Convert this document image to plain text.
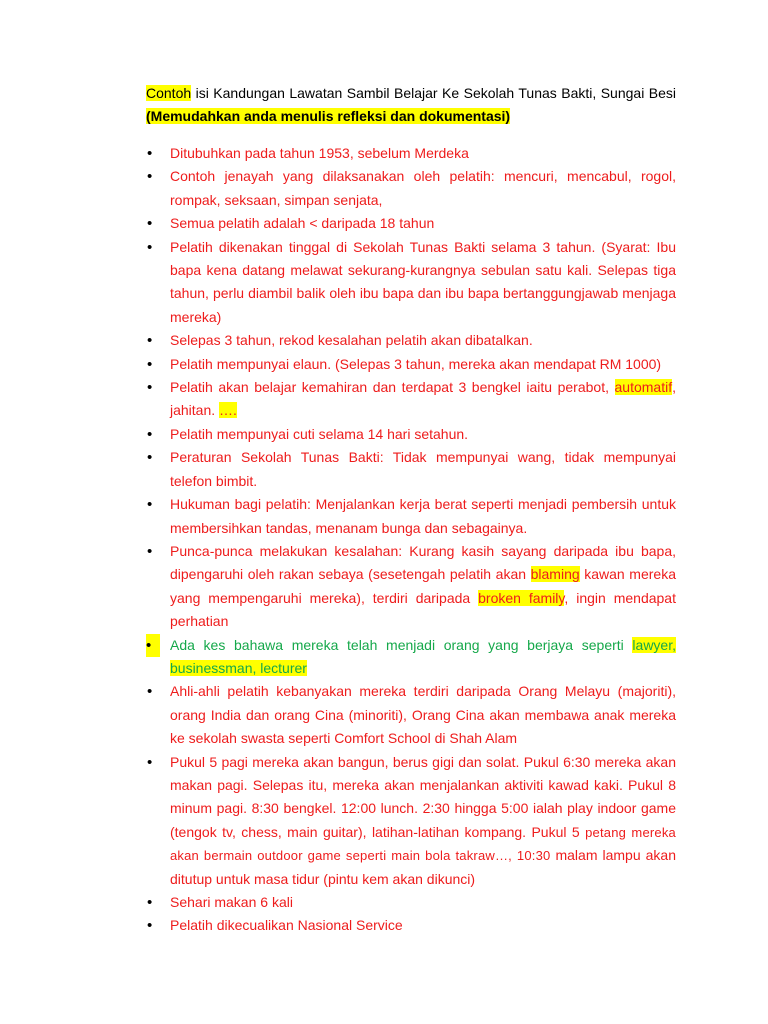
Contoh isi Kandungan Lawatan Sambil Belajar Ke Sekolah Tunas Bakti, Sungai Besi (Memudahkan anda menulis refleksi dan dokumentasi)
• Ditubuhkan pada tahun 1953, sebelum Merdeka
• Contoh jenayah yang dilaksanakan oleh pelatih: mencuri, mencabul, rogol, rompak, seksaan, simpan senjata,
• Semua pelatih adalah < daripada 18 tahun
• Pelatih dikenakan tinggal di Sekolah Tunas Bakti selama 3 tahun. (Syarat: Ibu bapa kena datang melawat sekurang-kurangnya sebulan satu kali. Selepas tiga tahun, perlu diambil balik oleh ibu bapa dan ibu bapa bertanggungjawab menjaga mereka)
• Selepas 3 tahun, rekod kesalahan pelatih akan dibatalkan.
• Pelatih mempunyai elaun. (Selepas 3 tahun, mereka akan mendapat RM 1000)
• Pelatih akan belajar kemahiran dan terdapat 3 bengkel iaitu perabot, automatif, jahitan. ….
• Pelatih mempunyai cuti selama 14 hari setahun.
• Peraturan Sekolah Tunas Bakti: Tidak mempunyai wang, tidak mempunyai telefon bimbit.
• Hukuman bagi pelatih: Menjalankan kerja berat seperti menjadi pembersih untuk membersihkan tandas, menanam bunga dan sebagainya.
• Punca-punca melakukan kesalahan: Kurang kasih sayang daripada ibu bapa, dipengaruhi oleh rakan sebaya (sesetengah pelatih akan blaming kawan mereka yang mempengaruhi mereka), terdiri daripada broken family, ingin mendapat perhatian
•	Ada kes bahawa mereka telah menjadi orang yang berjaya seperti lawyer, businessman, lecturer
• Ahli-ahli pelatih kebanyakan mereka terdiri daripada Orang Melayu (majoriti), orang India dan orang Cina (minoriti), Orang Cina akan membawa anak mereka ke sekolah swasta seperti Comfort School di Shah Alam
• Pukul 5 pagi mereka akan bangun, berus gigi dan solat. Pukul 6:30 mereka akan makan pagi. Selepas itu, mereka akan menjalankan aktiviti kawad kaki. Pukul 8 minum pagi. 8:30 bengkel. 12:00 lunch. 2:30 hingga 5:00 ialah play indoor game (tengok tv, chess, main guitar), latihan-latihan kompang. Pukul 5 petang mereka akan bermain outdoor game seperti main bola takraw…, 10:30 malam lampu akan ditutup untuk masa tidur (pintu kem akan dikunci)
• Sehari makan 6 kali
• Pelatih dikecualikan Nasional Service
